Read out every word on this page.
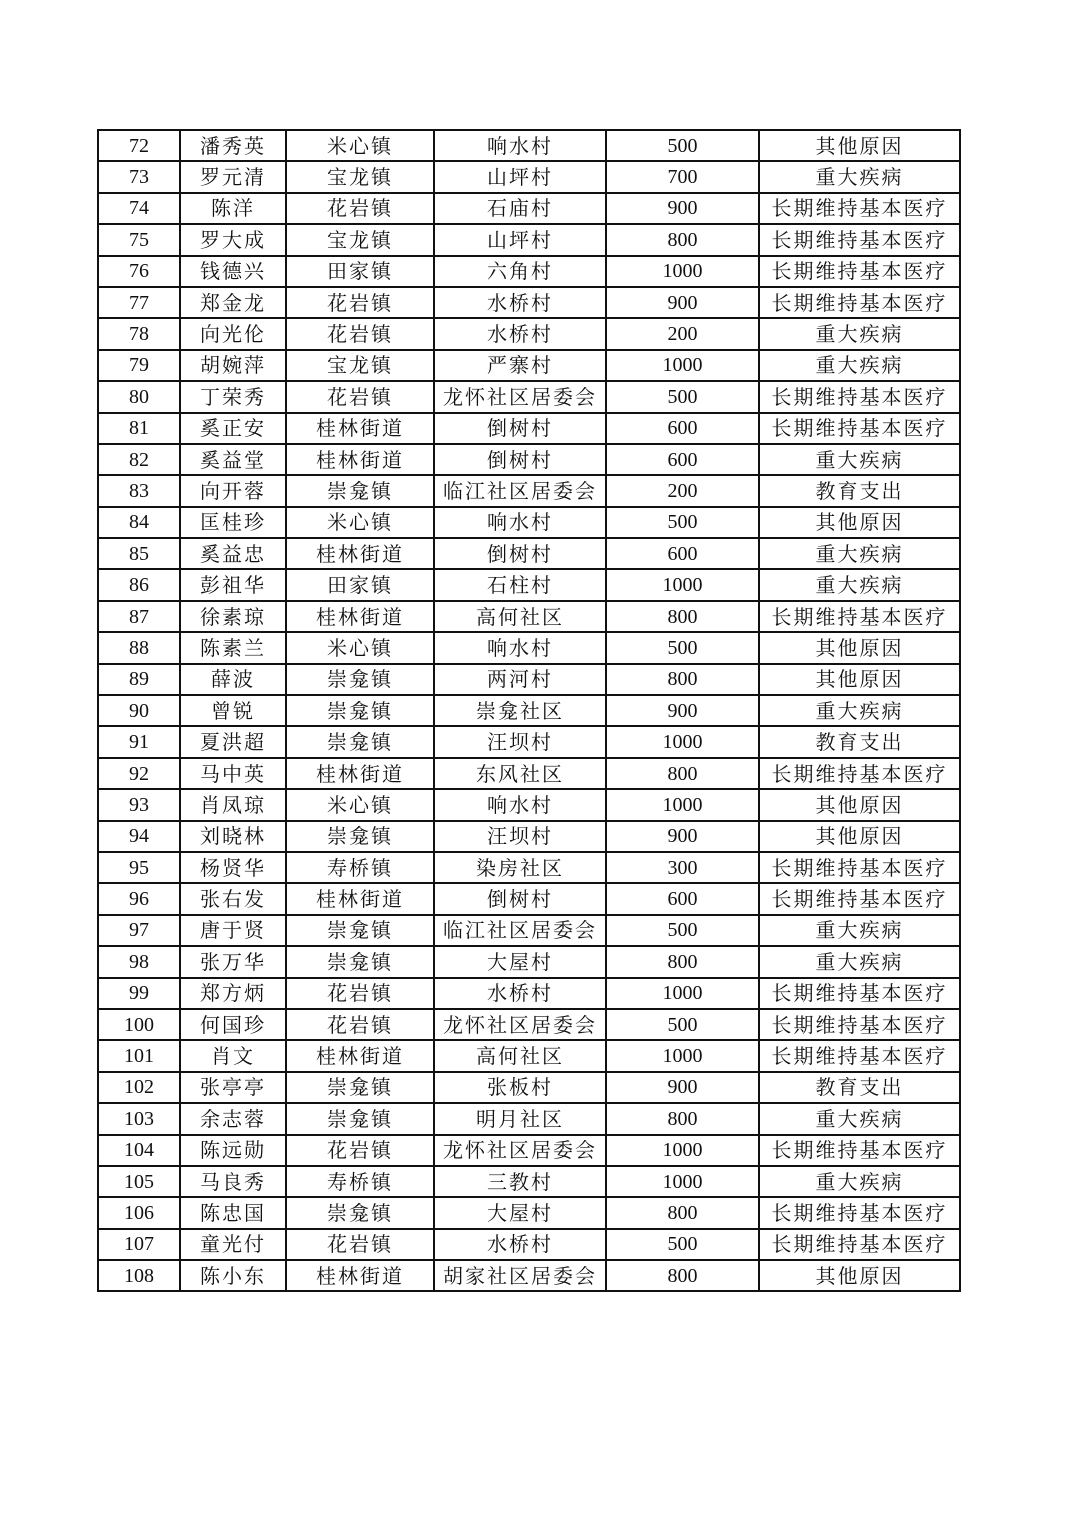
72	潘秀英	米心镇	响水村	500	其他原因
73	罗元清	宝龙镇	山坪村	700	重大疾病
74	陈洋	花岩镇	石庙村	900	长期维持基本医疗
75	罗大成	宝龙镇	山坪村	800	长期维持基本医疗
76	钱德兴	田家镇	六角村	1000	长期维持基本医疗
77	郑金龙	花岩镇	水桥村	900	长期维持基本医疗
78	向光伦	花岩镇	水桥村	200	重大疾病
79	胡婉萍	宝龙镇	严寨村	1000	重大疾病
80	丁荣秀	花岩镇	龙怀社区居委会	500	长期维持基本医疗
81	奚正安	桂林街道	倒树村	600	长期维持基本医疗
82	奚益堂	桂林街道	倒树村	600	重大疾病
83	向开蓉	崇龛镇	临江社区居委会	200	教育支出
84	匡桂珍	米心镇	响水村	500	其他原因
85	奚益忠	桂林街道	倒树村	600	重大疾病
86	彭祖华	田家镇	石柱村	1000	重大疾病
87	徐素琼	桂林街道	高何社区	800	长期维持基本医疗
88	陈素兰	米心镇	响水村	500	其他原因
89	薛波	崇龛镇	两河村	800	其他原因
90	曾锐	崇龛镇	崇龛社区	900	重大疾病
91	夏洪超	崇龛镇	汪坝村	1000	教育支出
92	马中英	桂林街道	东风社区	800	长期维持基本医疗
93	肖凤琼	米心镇	响水村	1000	其他原因
94	刘晓林	崇龛镇	汪坝村	900	其他原因
95	杨贤华	寿桥镇	染房社区	300	长期维持基本医疗
96	张右发	桂林街道	倒树村	600	长期维持基本医疗
97	唐于贤	崇龛镇	临江社区居委会	500	重大疾病
98	张万华	崇龛镇	大屋村	800	重大疾病
99	郑方炳	花岩镇	水桥村	1000	长期维持基本医疗
100	何国珍	花岩镇	龙怀社区居委会	500	长期维持基本医疗
101	肖文	桂林街道	高何社区	1000	长期维持基本医疗
102	张亭亭	崇龛镇	张板村	900	教育支出
103	余志蓉	崇龛镇	明月社区	800	重大疾病
104	陈远勋	花岩镇	龙怀社区居委会	1000	长期维持基本医疗
105	马良秀	寿桥镇	三教村	1000	重大疾病
106	陈忠国	崇龛镇	大屋村	800	长期维持基本医疗
107	童光付	花岩镇	水桥村	500	长期维持基本医疗
108	陈小东	桂林街道	胡家社区居委会	800	其他原因
